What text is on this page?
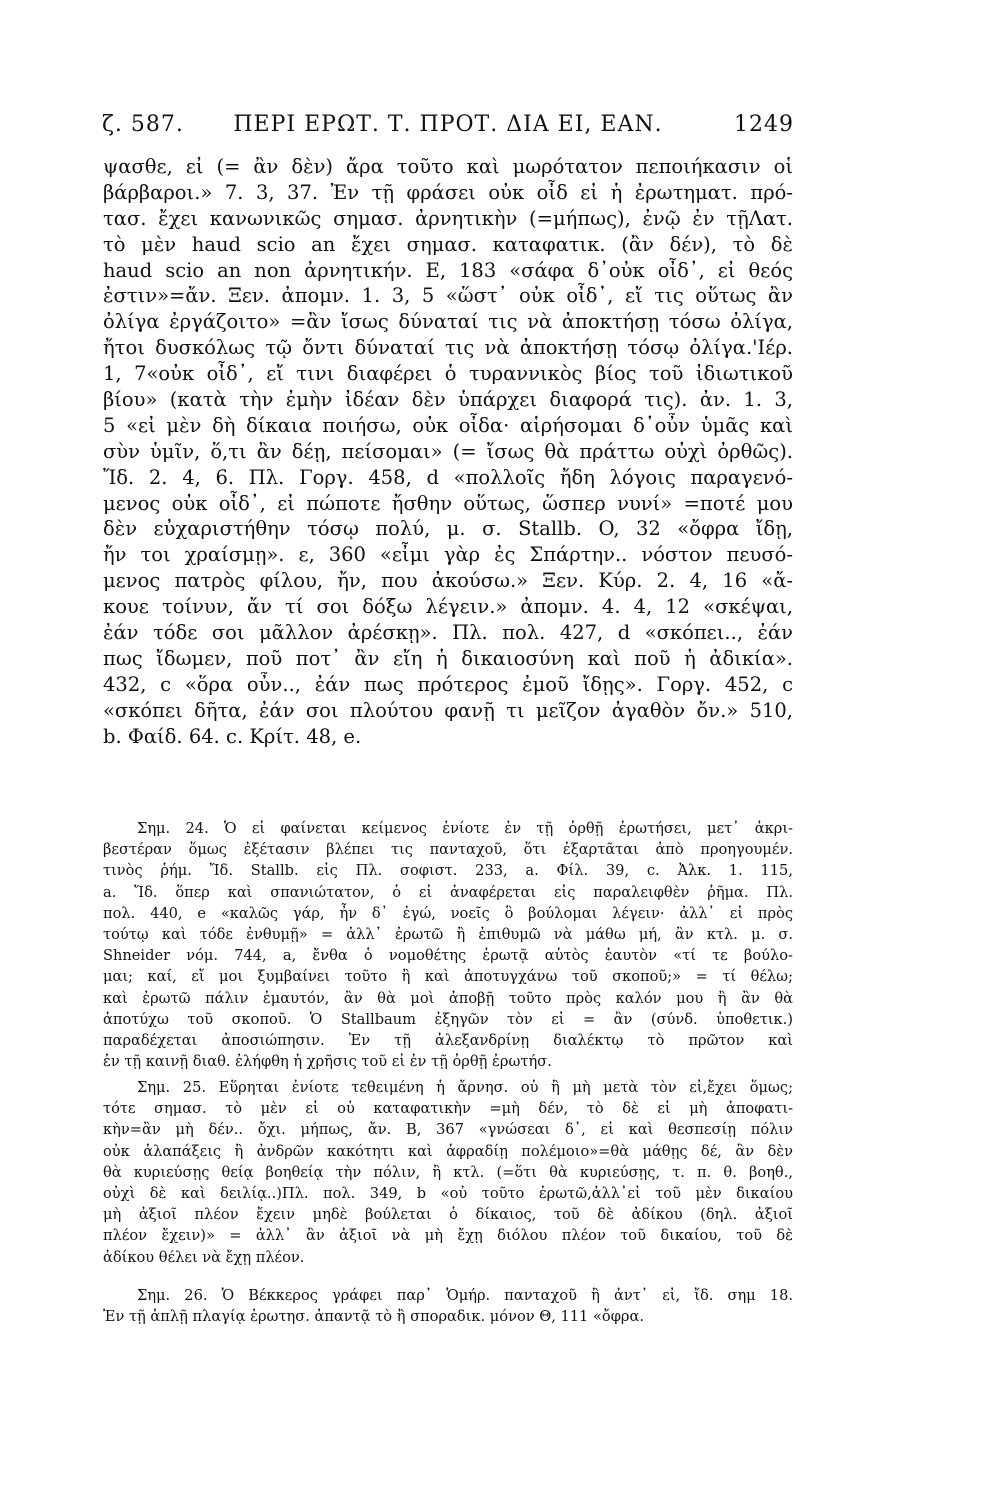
ζ. 587.	ΠΕΡΙ ΕΡΩΤ. Τ. ΠΡΟΤ. ΔΙΑ ΕΙ, ΕΑΝ.	1249
ψασθε, εἰ (= ἂν δὲν) ἄρα τοῦτο καὶ μωρότατον πεποιήκασιν οἱ
βάρβαροι.» 7. 3, 37. Ἐν τῇ φράσει οὐκ οἶδ εἰ ἡ ἐρωτηματ. πρό-
τασ. ἔχει κανωνικῶς σημασ. ἀρνητικὴν (=μήπως), ἐνῷ ἐν τῇΛατ.
τὸ μὲν haud scio an ἔχει σημασ. καταφατικ. (ἂν δέν), τὸ δὲ
haud scio an non ἀρνητικήν. Ε, 183 «σάφα δ᾽οὐκ οἶδ᾽, εἰ θεός
ἐστιν»=ἄν. Ξεν. ἀπομν. 1. 3, 5 «ὥστ᾽ οὐκ οἶδ᾽, εἴ τις οὕτως ἂν
ὀλίγα ἐργάζοιτο» =ἂν ἴσως δύναταί τις νὰ ἀποκτήσῃ τόσω ὀλίγα,
ἤτοι δυσκόλως τῷ ὄντι δύναταί τις νὰ ἀποκτήσῃ τόσῳ ὀλίγα.'Ιέρ.
1, 7«οὐκ οἶδ᾽, εἴ τινι διαφέρει ὁ τυραννικὸς βίος τοῦ ἰδιωτικοῦ
βίου» (κατὰ τὴν ἐμὴν ἰδέαν δὲν ὑπάρχει διαφορά τις). ἀν. 1. 3,
5 «εἰ μὲν δὴ δίκαια ποιήσω, οὐκ οἶδα· αἱρήσομαι δ᾽οὖν ὑμᾶς καὶ
σὺν ὑμῖν, ὅ,τι ἂν δέῃ, πείσομαι» (= ἴσως θὰ πράττω οὐχὶ ὀρθῶς).
Ἴδ. 2. 4, 6. Πλ. Γοργ. 458, d «πολλοῖς ἤδη λόγοις παραγενό-
μενος οὐκ οἶδ᾽, εἰ πώποτε ἤσθην οὕτως, ὥσπερ νυνί» =ποτέ μου
δὲν εὐχαριστήθην τόσῳ πολύ, μ. σ. Stallb. O, 32 «ὄφρα ἴδῃ,
ἤν τοι χραίσμῃ». ε, 360 «εἶμι γὰρ ἐς Σπάρτην.. νόστον πευσό-
μενος πατρὸς φίλου, ἤν, που ἀκούσω.» Ξεν. Κύρ. 2. 4, 16 «ἄ-
κουε τοίνυν, ἄν τί σοι δόξω λέγειν.» ἀπομν. 4. 4, 12 «σκέψαι,
ἐάν τόδε σοι μᾶλλον ἀρέσκῃ». Πλ. πολ. 427, d «σκόπει.., ἐάν
πως ἴδωμεν, ποῦ ποτ᾽ ἂν εἴη ἡ δικαιοσύνη καὶ ποῦ ἡ ἀδικία».
432, c «ὅρα οὖν.., ἐάν πως πρότερος ἐμοῦ ἴδῃς». Γοργ. 452, c
«σκόπει δῆτα, ἐάν σοι πλούτου φανῇ τι μεῖζον ἀγαθὸν ὄν.» 510,
b. Φαίδ. 64. c. Κρίτ. 48, e.
Σημ. 24. Ὁ εἰ φαίνεται κείμενος ἐνίοτε ἐν τῇ ὀρθῇ ἐρωτήσει, μετ᾽ ἀκρι-
βεστέραν ὅμως ἐξέτασιν βλέπει τις πανταχοῦ, ὅτι ἐξαρτᾶται ἀπὸ προηγουμέν.
τινὸς ῥήμ. Ἴδ. Stallb. εἰς Πλ. σοφιστ. 233, a. Φίλ. 39, c. Ἀλκ. 1. 115,
a. Ἴδ. ὅπερ καὶ σπανιώτατον, ὁ εἰ ἀναφέρεται εἰς παραλειφθὲν ῥῆμα. Πλ.
πολ. 440, e «καλῶς γάρ, ἦν δ᾽ ἐγώ, νοεῖς ὃ βούλομαι λέγειν· ἀλλ᾽ εἰ πρὸς
τούτῳ καὶ τόδε ἐνθυμῇ» = ἀλλ᾽ ἐρωτῶ ἢ ἐπιθυμῶ νὰ μάθω μή, ἂν κτλ. μ. σ.
Shneider νόμ. 744, a, ἔνθα ὁ νομοθέτης ἐρωτᾷ αὑτὸς ἑαυτὸν «τί τε βούλο-
μαι; καί, εἴ μοι ξυμβαίνει τοῦτο ἢ καὶ ἀποτυγχάνω τοῦ σκοποῦ;» = τί θέλω;
καὶ ἐρωτῶ πάλιν ἐμαυτόν, ἂν θὰ μοὶ ἀποβῇ τοῦτο πρὸς καλόν μου ἢ ἂν θὰ
ἀποτύχω τοῦ σκοποῦ. Ὁ Stallbaum ἐξηγῶν τὸν εἰ = ἂν (σύνδ. ὑποθετικ.)
παραδέχεται ἀποσιώπησιν. Ἐν τῇ ἀλεξανδρίνῃ διαλέκτῳ τὸ πρῶτον καὶ
ἐν τῇ καινῇ διαθ. ἐλήφθη ἡ χρῆσις τοῦ εἰ ἐν τῇ ὀρθῇ ἐρωτήσ.
Σημ. 25. Εὕρηται ἐνίοτε τεθειμένη ἡ ἄρνησ. οὐ ἢ μὴ μετὰ τὸν εἰ,ἔχει ὅμως;
τότε σημασ. τὸ μὲν εἰ οὐ καταφατικὴν =μὴ δέν, τὸ δὲ εἰ μὴ ἀποφατι-
κὴν=ἂν μὴ δέν.. ὄχι. μήπως, ἄν. Β, 367 «γνώσεαι δ᾽, εἰ καὶ θεσπεσίῃ πόλιν
οὐκ ἀλαπάξεις ἢ ἀνδρῶν κακότητι καὶ ἀφραδίῃ πολέμοιο»=θὰ μάθῃς δέ, ἂν δὲν
θὰ κυριεύσῃς θείᾳ βοηθείᾳ τὴν πόλιν, ἢ κτλ. (=ὅτι θὰ κυριεύσῃς, τ. π. θ. βοηθ.,
οὐχὶ δὲ καὶ δειλίᾳ..)Πλ. πολ. 349, b «οὐ τοῦτο ἐρωτῶ,ἀλλ᾽εἰ τοῦ μὲν δικαίου
μὴ ἀξιοῖ πλέον ἔχειν μηδὲ βούλεται ὁ δίκαιος, τοῦ δὲ ἀδίκου (δηλ. ἀξιοῖ
πλέον ἔχειν)» = ἀλλ᾽ ἂν ἀξιοῖ νὰ μὴ ἔχῃ διόλου πλέον τοῦ δικαίου, τοῦ δὲ
ἀδίκου θέλει νὰ ἔχῃ πλέον.
Σημ. 26. Ὁ Βέκκερος γράφει παρ᾽ Ὁμήρ. πανταχοῦ ἢ ἀντ᾽ εἰ, ἴδ. σημ 18.
Ἐν τῇ ἁπλῇ πλαγίᾳ ἐρωτησ. ἀπαντᾷ τὸ ἢ σποραδικ. μόνον Θ, 111 «ὄφρα.
